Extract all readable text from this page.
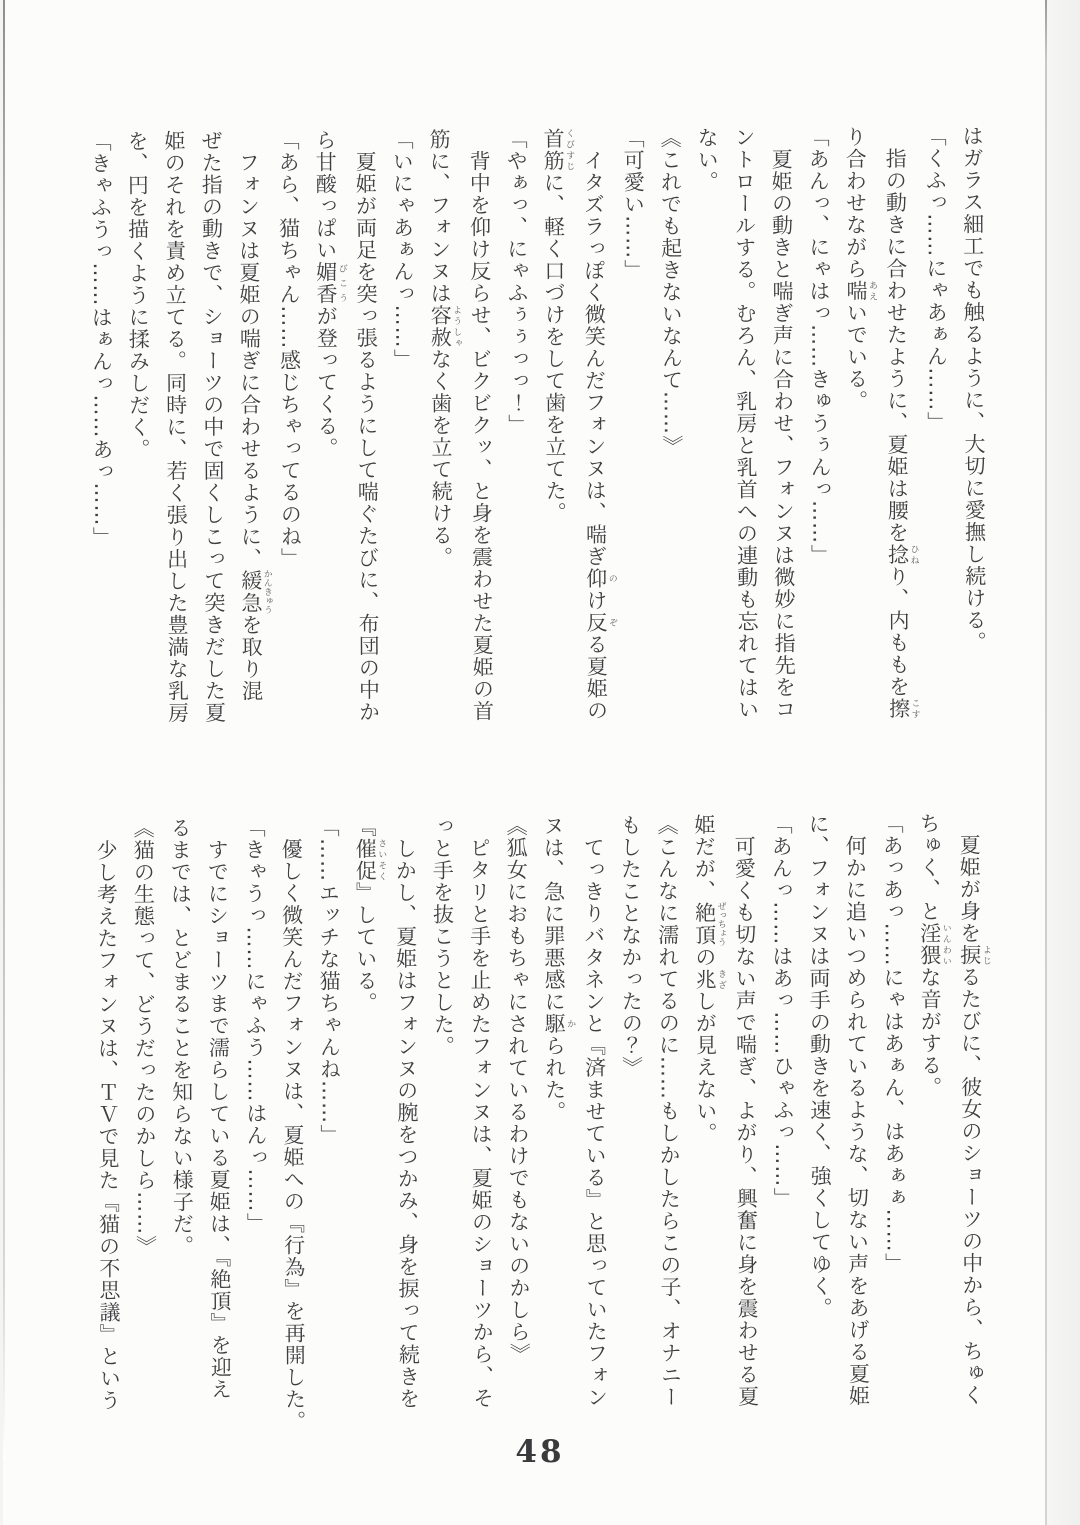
はガラス細工でも触るように、大切に愛撫し続ける。

「くふっ……にゃあぁん……」

　指の動きに合わせたように、夏姫は腰を捻ひねり、内ももを擦こす

り合わせながら喘あえいでいる。

「あんっ、にゃはっ……きゅうぅんっ……」

　夏姫の動きと喘ぎ声に合わせ、フォンヌは微妙に指先をコ

ントロールする。むろん、乳房と乳首への連動も忘れてはい

ない。

《これでも起きないなんて……》

「可愛い……」

　イタズラっぽく微笑んだフォンヌは、喘ぎ仰のけ反ぞる夏姫の

首筋くびすじに、軽く口づけをして歯を立てた。

「やぁっ、にゃふぅぅっっ！」

　背中を仰け反らせ、ビクビクッ、と身を震わせた夏姫の首

筋に、フォンヌは容赦ようしゃなく歯を立て続ける。

「いにゃあぁんっ……」

　夏姫が両足を突っ張るようにして喘ぐたびに、布団の中か

ら甘酸っぱい媚香びこうが登ってくる。

「あら、猫ちゃん……感じちゃってるのね」

　フォンヌは夏姫の喘ぎに合わせるように、緩急かんきゅうを取り混

ぜた指の動きで、ショーツの中で固くしこって突きだした夏

姫のそれを責め立てる。同時に、若く張り出した豊満な乳房

を、円を描くように揉みしだく。

「きゃふうっ……はぁんっ……あっ……」

　夏姫が身を捩よじるたびに、彼女のショーツの中から、ちゅく

ちゅく、と淫猥いんわいな音がする。

「あっあっ……にゃはあぁん、はあぁぁ……」

　何かに追いつめられているような、切ない声をあげる夏姫

に、フォンヌは両手の動きを速く、強くしてゆく。

「あんっ……はあっ……ひゃふっ……」

　可愛くも切ない声で喘ぎ、よがり、興奮に身を震わせる夏

姫だが、絶頂ぜっちょうの兆きざしが見えない。

《こんなに濡れてるのに……もしかしたらこの子、オナニー

もしたことなかったの？》

　てっきりバタネンと『済ませている』と思っていたフォン

ヌは、急に罪悪感に駆かられた。

《狐女におもちゃにされているわけでもないのかしら》

　ピタリと手を止めたフォンヌは、夏姫のショーツから、そ

っと手を抜こうとした。

　しかし、夏姫はフォンヌの腕をつかみ、身を捩って続きを

『催促さいそく』している。

「……エッチな猫ちゃんね……」

　優しく微笑んだフォンヌは、夏姫への『行為』を再開した。

「きゃうっ……にゃふう……はんっ……」

　すでにショーツまで濡らしている夏姫は、『絶頂』を迎え

るまでは、とどまることを知らない様子だ。

《猫の生態って、どうだったのかしら……》

　少し考えたフォンヌは、ＴＶで見た『猫の不思議』という

48
